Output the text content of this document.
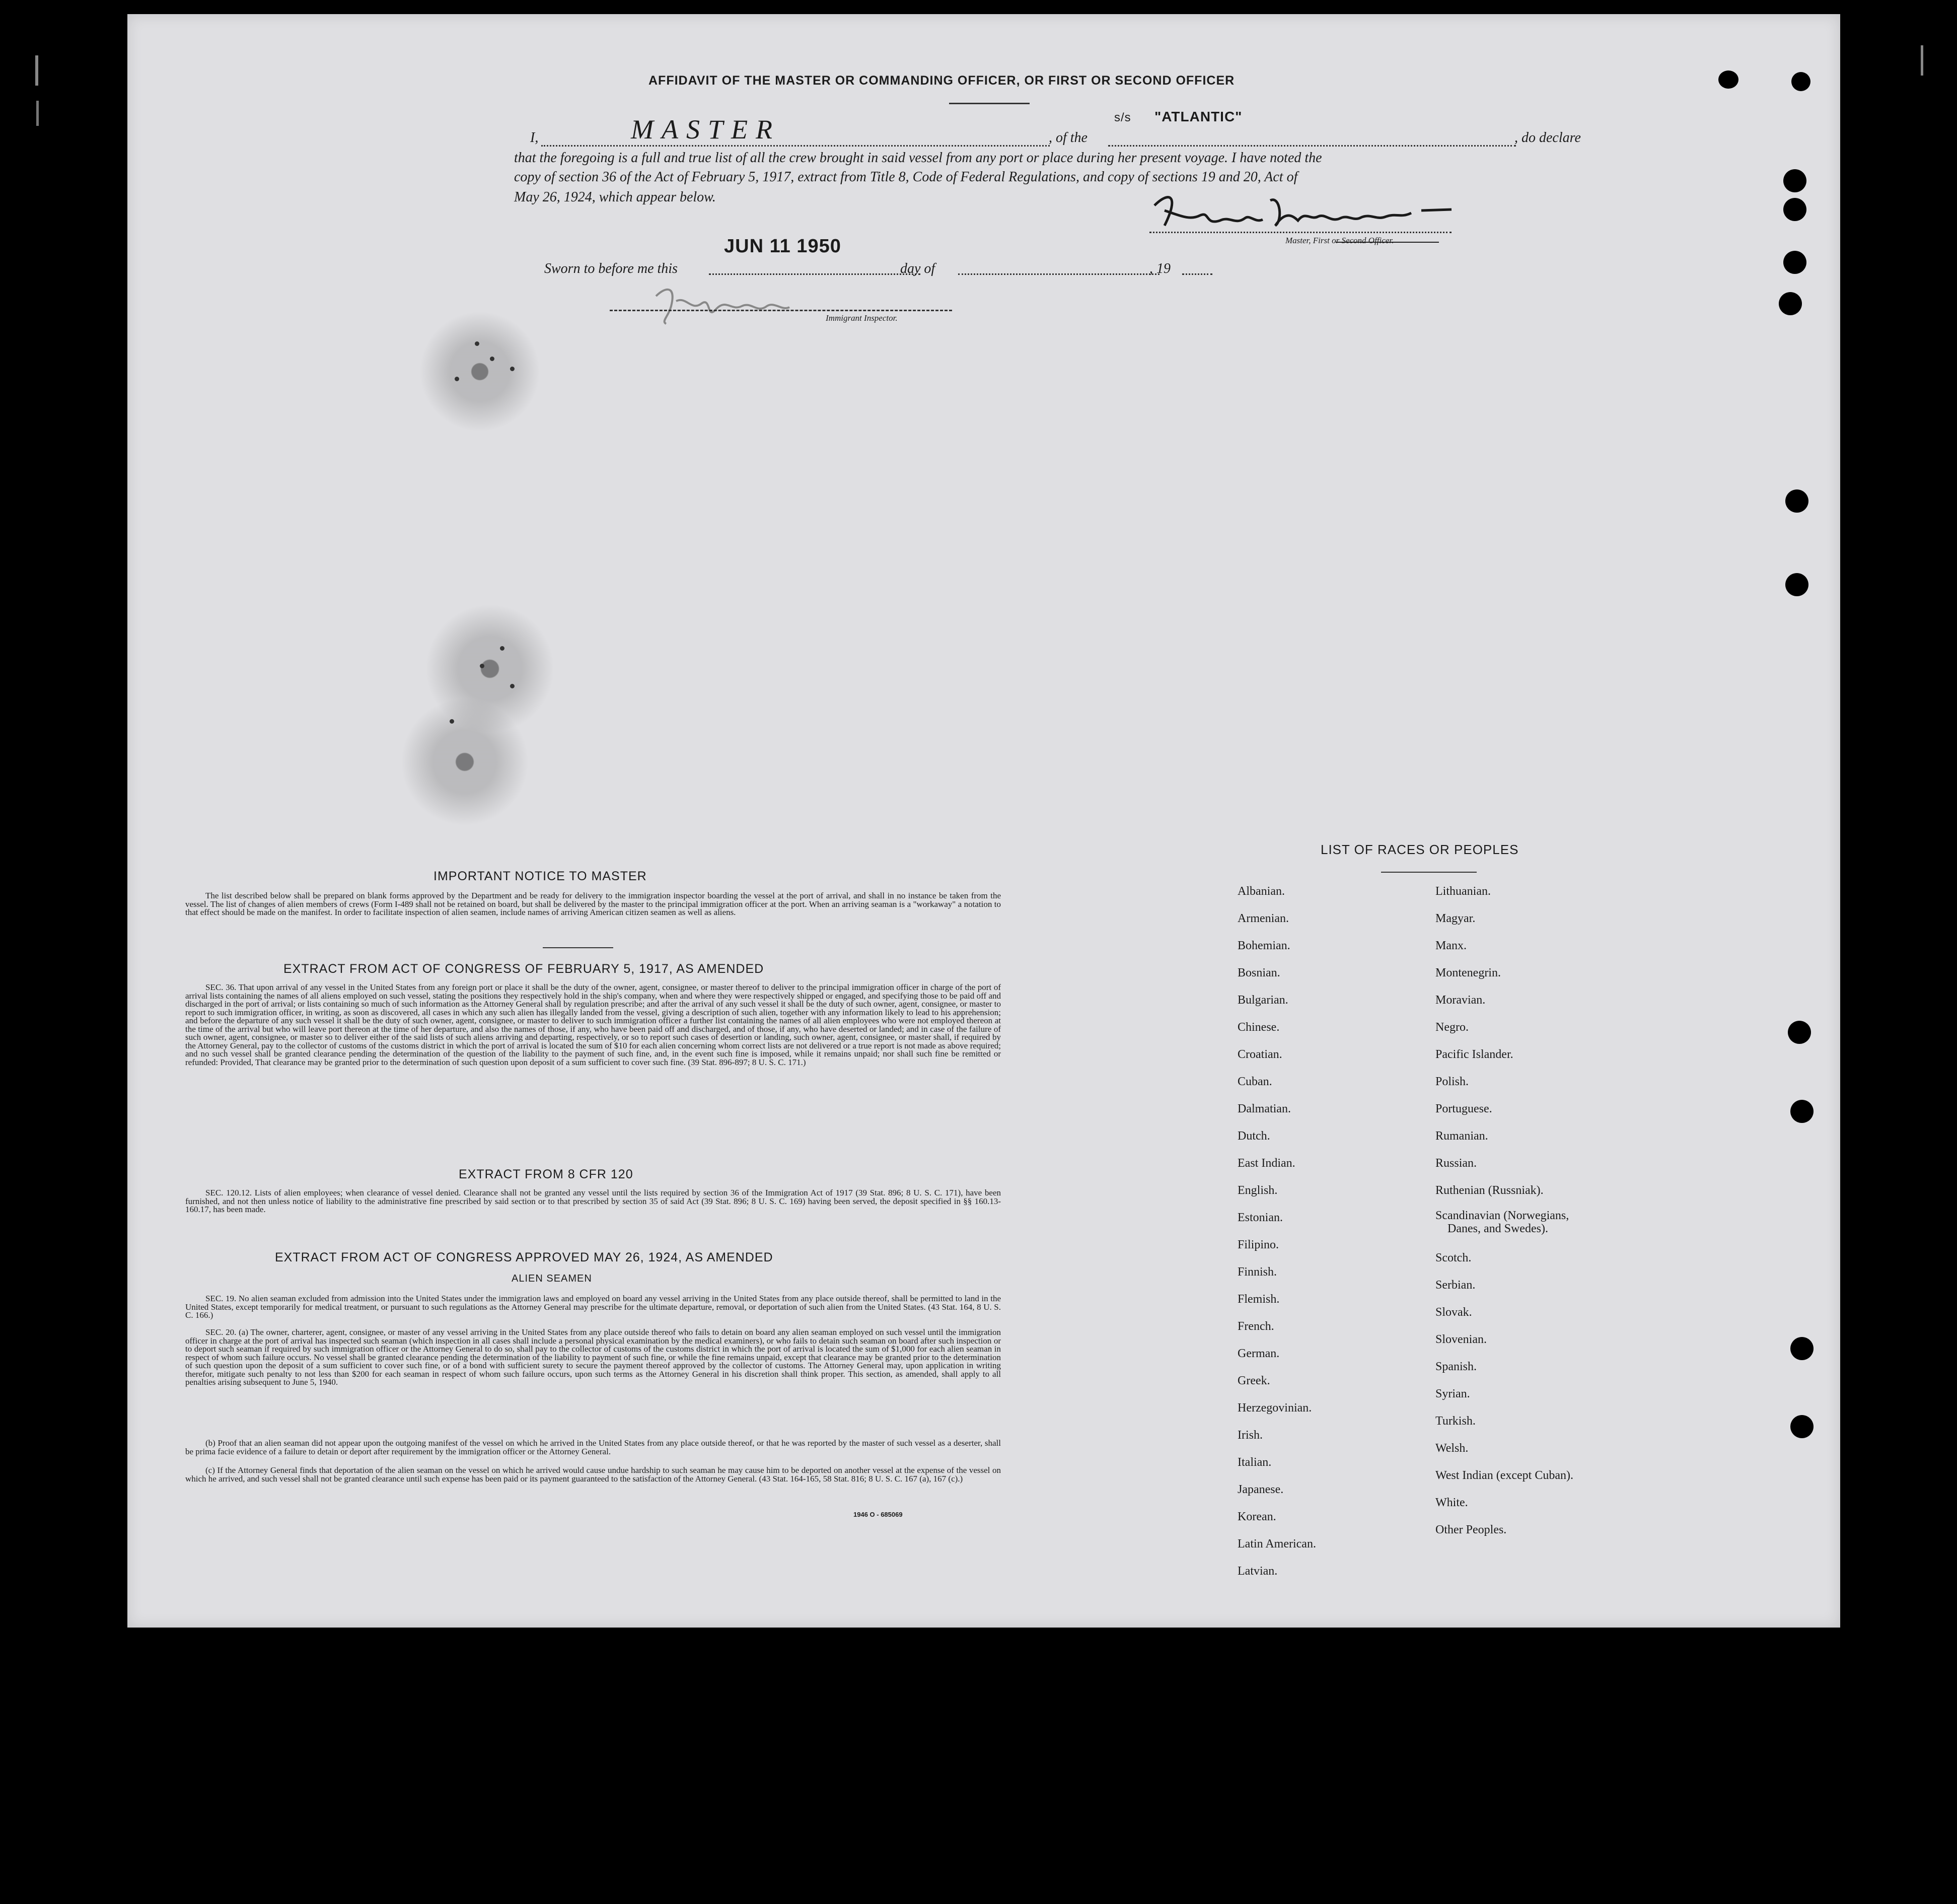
AFFIDAVIT OF THE MASTER OR COMMANDING OFFICER, OR FIRST OR SECOND OFFICER
I,	MASTER	, of the
s/s "ATLANTIC"
, do declare
that the foregoing is a full and true list of all the crew brought in said vessel from any port or place during her present voyage. I have noted the
copy of section 36 of the Act of February 5, 1917, extract from Title 8, Code of Federal Regulations, and copy of sections 19 and 20, Act of
May 26, 1924, which appear below.
Master, First or Second Officer.
Sworn to before me this
JUN 11 1950
day of	, 19
Immigrant Inspector.
IMPORTANT NOTICE TO MASTER
The list described below shall be prepared on blank forms approved by the Department and be ready for delivery to the immigration inspector boarding the vessel at the port of arrival, and shall in no instance be taken from the vessel. The list of changes of alien members of crews (Form I-489 shall not be retained on board, but shall be delivered by the master to the principal immigration officer at the port. When an arriving seaman is a "workaway" a notation to that effect should be made on the manifest. In order to facilitate inspection of alien seamen, include names of arriving American citizen seamen as well as aliens.
EXTRACT FROM ACT OF CONGRESS OF FEBRUARY 5, 1917, AS AMENDED
SEC. 36. That upon arrival of any vessel in the United States from any foreign port or place it shall be the duty of the owner, agent, consignee, or master thereof to deliver to the principal immigration officer in charge of the port of arrival lists containing the names of all aliens employed on such vessel, stating the positions they respectively hold in the ship's company, when and where they were respectively shipped or engaged, and specifying those to be paid off and discharged in the port of arrival; or lists containing so much of such information as the Attorney General shall by regulation prescribe; and after the arrival of any such vessel it shall be the duty of such owner, agent, consignee, or master to report to such immigration officer, in writing, as soon as discovered, all cases in which any such alien has illegally landed from the vessel, giving a description of such alien, together with any information likely to lead to his apprehension; and before the departure of any such vessel it shall be the duty of such owner, agent, consignee, or master to deliver to such immigration officer a further list containing the names of all alien employees who were not employed thereon at the time of the arrival but who will leave port thereon at the time of her departure, and also the names of those, if any, who have been paid off and discharged, and of those, if any, who have deserted or landed; and in case of the failure of such owner, agent, consignee, or master so to deliver either of the said lists of such aliens arriving and departing, respectively, or so to report such cases of desertion or landing, such owner, agent, consignee, or master shall, if required by the Attorney General, pay to the collector of customs of the customs district in which the port of arrival is located the sum of $10 for each alien concerning whom correct lists are not delivered or a true report is not made as above required; and no such vessel shall be granted clearance pending the determination of the question of the liability to the payment of such fine, and, in the event such fine is imposed, while it remains unpaid; nor shall such fine be remitted or refunded: Provided, That clearance may be granted prior to the determination of such question upon deposit of a sum sufficient to cover such fine. (39 Stat. 896-897; 8 U. S. C. 171.)
EXTRACT FROM 8 CFR 120
SEC. 120.12. Lists of alien employees; when clearance of vessel denied. Clearance shall not be granted any vessel until the lists required by section 36 of the Immigration Act of 1917 (39 Stat. 896; 8 U. S. C. 171), have been furnished, and not then unless notice of liability to the administrative fine prescribed by said section or to that prescribed by section 35 of said Act (39 Stat. 896; 8 U. S. C. 169) having been served, the deposit specified in §§ 160.13-160.17, has been made.
EXTRACT FROM ACT OF CONGRESS APPROVED MAY 26, 1924, AS AMENDED
ALIEN SEAMEN
SEC. 19. No alien seaman excluded from admission into the United States under the immigration laws and employed on board any vessel arriving in the United States from any place outside thereof, shall be permitted to land in the United States, except temporarily for medical treatment, or pursuant to such regulations as the Attorney General may prescribe for the ultimate departure, removal, or deportation of such alien from the United States. (43 Stat. 164, 8 U. S. C. 166.)
SEC. 20. (a) The owner, charterer, agent, consignee, or master of any vessel arriving in the United States from any place outside thereof who fails to detain on board any alien seaman employed on such vessel until the immigration officer in charge at the port of arrival has inspected such seaman (which inspection in all cases shall include a personal physical examination by the medical examiners), or who fails to detain such seaman on board after such inspection or to deport such seaman if required by such immigration officer or the Attorney General to do so, shall pay to the collector of customs of the customs district in which the port of arrival is located the sum of $1,000 for each alien seaman in respect of whom such failure occurs. No vessel shall be granted clearance pending the determination of the liability to payment of such fine, or while the fine remains unpaid, except that clearance may be granted prior to the determination of such question upon the deposit of a sum sufficient to cover such fine, or of a bond with sufficient surety to secure the payment thereof approved by the collector of customs. The Attorney General may, upon application in writing therefor, mitigate such penalty to not less than $200 for each seaman in respect of whom such failure occurs, upon such terms as the Attorney General in his discretion shall think proper. This section, as amended, shall apply to all penalties arising subsequent to June 5, 1940.
(b) Proof that an alien seaman did not appear upon the outgoing manifest of the vessel on which he arrived in the United States from any place outside thereof, or that he was reported by the master of such vessel as a deserter, shall be prima facie evidence of a failure to detain or deport after requirement by the immigration officer or the Attorney General.
(c) If the Attorney General finds that deportation of the alien seaman on the vessel on which he arrived would cause undue hardship to such seaman he may cause him to be deported on another vessel at the expense of the vessel on which he arrived, and such vessel shall not be granted clearance until such expense has been paid or its payment guaranteed to the satisfaction of the Attorney General. (43 Stat. 164-165, 58 Stat. 816; 8 U. S. C. 167 (a), 167 (c).)
1946 O - 685069
LIST OF RACES OR PEOPLES
Albanian.
Armenian.
Bohemian.
Bosnian.
Bulgarian.
Chinese.
Croatian.
Cuban.
Dalmatian.
Dutch.
East Indian.
English.
Estonian.
Filipino.
Finnish.
Flemish.
French.
German.
Greek.
Herzegovinian.
Irish.
Italian.
Japanese.
Korean.
Latin American.
Latvian.
Lithuanian.
Magyar.
Manx.
Montenegrin.
Moravian.
Negro.
Pacific Islander.
Polish.
Portuguese.
Rumanian.
Russian.
Ruthenian (Russniak).
Scandinavian (Norwegians,
Danes, and Swedes).
Scotch.
Serbian.
Slovak.
Slovenian.
Spanish.
Syrian.
Turkish.
Welsh.
West Indian (except Cuban).
White.
Other Peoples.
